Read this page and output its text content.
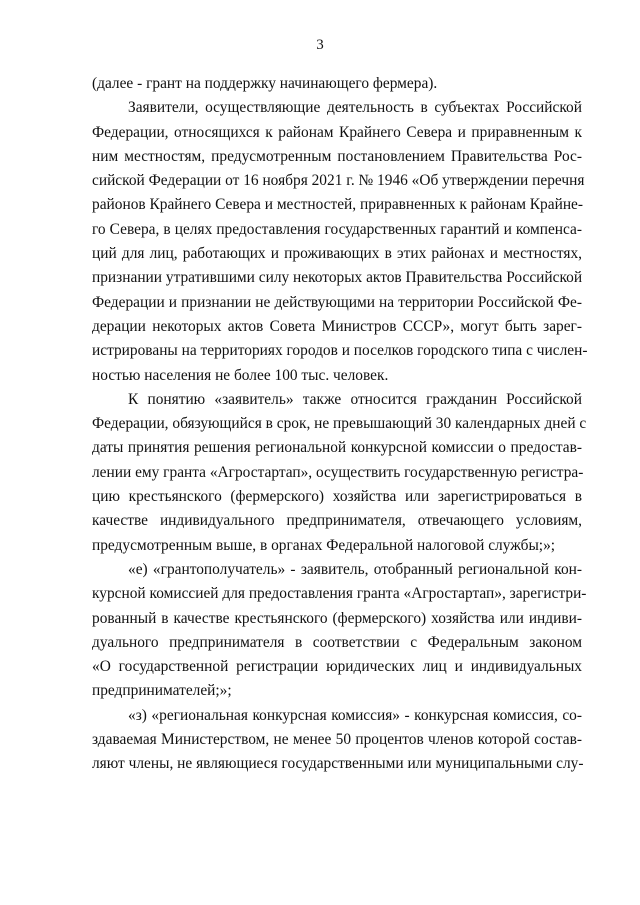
3
(далее - грант на поддержку начинающего фермера).
Заявители, осуществляющие деятельность в субъектах Российской
Федерации, относящихся к районам Крайнего Севера и приравненным к
ним местностям, предусмотренным постановлением Правительства Рос-
сийской Федерации от 16 ноября 2021 г. № 1946 «Об утверждении перечня
районов Крайнего Севера и местностей, приравненных к районам Крайне-
го Севера, в целях предоставления государственных гарантий и компенса-
ций для лиц, работающих и проживающих в этих районах и местностях,
признании утратившими силу некоторых актов Правительства Российской
Федерации и признании не действующими на территории Российской Фе-
дерации некоторых актов Совета Министров СССР», могут быть зарег-
истрированы на территориях городов и поселков городского типа с числен-
ностью населения не более 100 тыс. человек.
К понятию «заявитель» также относится гражданин Российской
Федерации, обязующийся в срок, не превышающий 30 календарных дней с
даты принятия решения региональной конкурсной комиссии о предостав-
лении ему гранта «Агростартап», осуществить государственную регистра-
цию крестьянского (фермерского) хозяйства или зарегистрироваться в
качестве индивидуального предпринимателя, отвечающего условиям,
предусмотренным выше, в органах Федеральной налоговой службы;»;
«е) «грантополучатель» - заявитель, отобранный региональной кон-
курсной комиссией для предоставления гранта «Агростартап», зарегистри-
рованный в качестве крестьянского (фермерского) хозяйства или индиви-
дуального предпринимателя в соответствии с Федеральным законом
«О государственной регистрации юридических лиц и индивидуальных
предпринимателей;»;
«з) «региональная конкурсная комиссия» - конкурсная комиссия, со-
здаваемая Министерством, не менее 50 процентов членов которой состав-
ляют члены, не являющиеся государственными или муниципальными слу-
